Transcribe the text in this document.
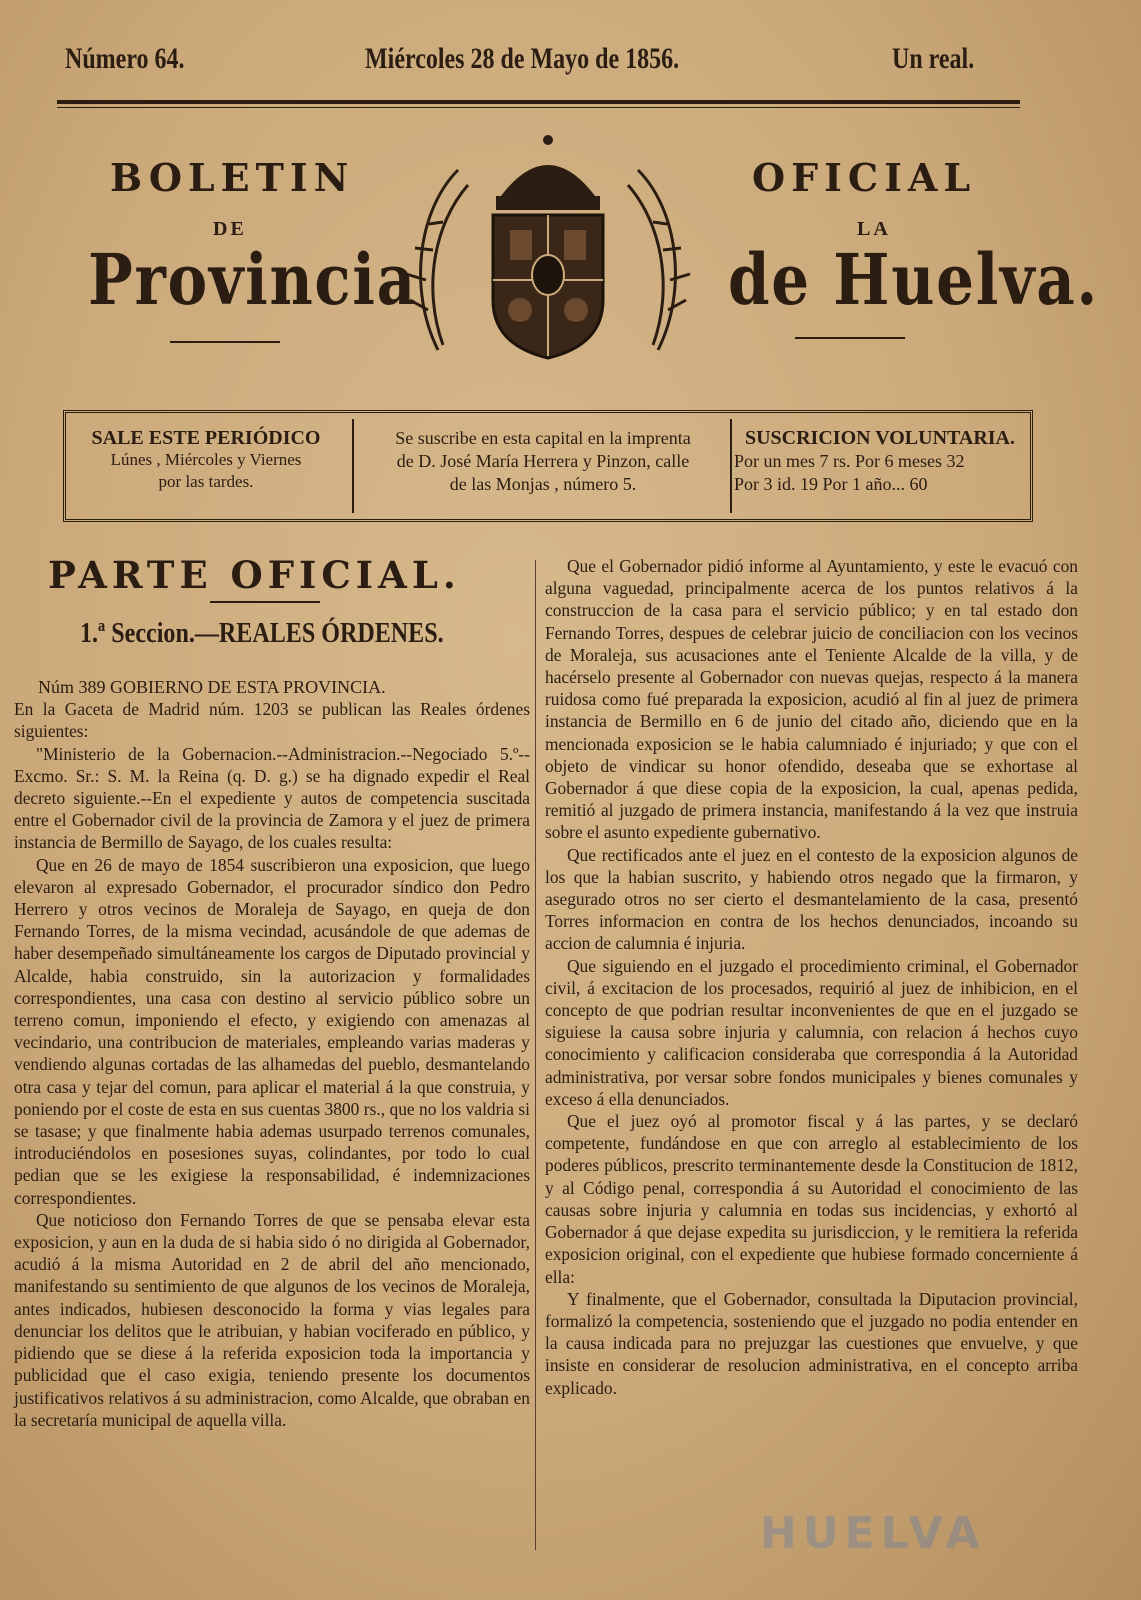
Número 64.	Miércoles 28 de Mayo de 1856.	Un real.
BOLETIN	OFICIAL
DE	LA
Provincia	de Huelva.
SALE ESTE PERIÓDICO
Lúnes , Miércoles y Viernes
por las tardes.
Se suscribe en esta capital en la imprenta
de D. José María Herrera y Pinzon, calle
de las Monjas , número 5.
SUSCRICION VOLUNTARIA.
Por un mes 7 rs. Por 6 meses 32
Por 3 id. 19 Por 1 año... 60
PARTE OFICIAL.
1.ª Seccion.—REALES ÓRDENES.
Núm 389 GOBIERNO DE ESTA PROVINCIA.

En la Gaceta de Madrid núm. 1203 se publican las Reales órdenes siguientes:

"Ministerio de la Gobernacion.--Administracion.--Negociado 5.º--Excmo. Sr.: S. M. la Reina (q. D. g.) se ha dignado expedir el Real decreto siguiente.--En el expediente y autos de competencia suscitada entre el Gobernador civil de la provincia de Zamora y el juez de primera instancia de Bermillo de Sayago, de los cuales resulta:

Que en 26 de mayo de 1854 suscribieron una exposicion, que luego elevaron al expresado Gobernador, el procurador síndico don Pedro Herrero y otros vecinos de Moraleja de Sayago, en queja de don Fernando Torres, de la misma vecindad, acusándole de que ademas de haber desempeñado simultáneamente los cargos de Diputado provincial y Alcalde, habia construido, sin la autorizacion y formalidades correspondientes, una casa con destino al servicio público sobre un terreno comun, imponiendo el efecto, y exigiendo con amenazas al vecindario, una contribucion de materiales, empleando varias maderas y vendiendo algunas cortadas de las alhamedas del pueblo, desmantelando otra casa y tejar del comun, para aplicar el material á la que construia, y poniendo por el coste de esta en sus cuentas 3800 rs., que no los valdria si se tasase; y que finalmente habia ademas usurpado terrenos comunales, introduciéndolos en posesiones suyas, colindantes, por todo lo cual pedian que se les exigiese la responsabilidad, é indemnizaciones correspondientes.

Que noticioso don Fernando Torres de que se pensaba elevar esta exposicion, y aun en la duda de si habia sido ó no dirigida al Gobernador, acudió á la misma Autoridad en 2 de abril del año mencionado, manifestando su sentimiento de que algunos de los vecinos de Moraleja, antes indicados, hubiesen desconocido la forma y vias legales para denunciar los delitos que le atribuian, y habian vociferado en público, y pidiendo que se diese á la referida exposicion toda la importancia y publicidad que el caso exigia, teniendo presente los documentos justificativos relativos á su administracion, como Alcalde, que obraban en la secretaría municipal de aquella villa.

Que el Gobernador pidió informe al Ayuntamiento, y este le evacuó con alguna vaguedad, principalmente acerca de los puntos relativos á la construccion de la casa para el servicio público; y en tal estado don Fernando Torres, despues de celebrar juicio de conciliacion con los vecinos de Moraleja, sus acusaciones ante el Teniente Alcalde de la villa, y de hacérselo presente al Gobernador con nuevas quejas, respecto á la manera ruidosa como fué preparada la exposicion, acudió al fin al juez de primera instancia de Bermillo en 6 de junio del citado año, diciendo que en la mencionada exposicion se le habia calumniado é injuriado; y que con el objeto de vindicar su honor ofendido, deseaba que se exhortase al Gobernador á que diese copia de la exposicion, la cual, apenas pedida, remitió al juzgado de primera instancia, manifestando á la vez que instruia sobre el asunto expediente gubernativo.

Que rectificados ante el juez en el contesto de la exposicion algunos de los que la habian suscrito, y habiendo otros negado que la firmaron, y asegurado otros no ser cierto el desmantelamiento de la casa, presentó Torres informacion en contra de los hechos denunciados, incoando su accion de calumnia é injuria.

Que siguiendo en el juzgado el procedimiento criminal, el Gobernador civil, á excitacion de los procesados, requirió al juez de inhibicion, en el concepto de que podrian resultar inconvenientes de que en el juzgado se siguiese la causa sobre injuria y calumnia, con relacion á hechos cuyo conocimiento y calificacion consideraba que correspondia á la Autoridad administrativa, por versar sobre fondos municipales y bienes comunales y exceso á ella denunciados.

Que el juez oyó al promotor fiscal y á las partes, y se declaró competente, fundándose en que con arreglo al establecimiento de los poderes públicos, prescrito terminantemente desde la Constitucion de 1812, y al Código penal, correspondia á su Autoridad el conocimiento de las causas sobre injuria y calumnia en todas sus incidencias, y exhortó al Gobernador á que dejase expedita su jurisdiccion, y le remitiera la referida exposicion original, con el expediente que hubiese formado concerniente á ella:

Y finalmente, que el Gobernador, consultada la Diputacion provincial, formalizó la competencia, sosteniendo que el juzgado no podia entender en la causa indicada para no prejuzgar las cuestiones que envuelve, y que insiste en considerar de resolucion administrativa, en el concepto arriba explicado.

HUELVA
